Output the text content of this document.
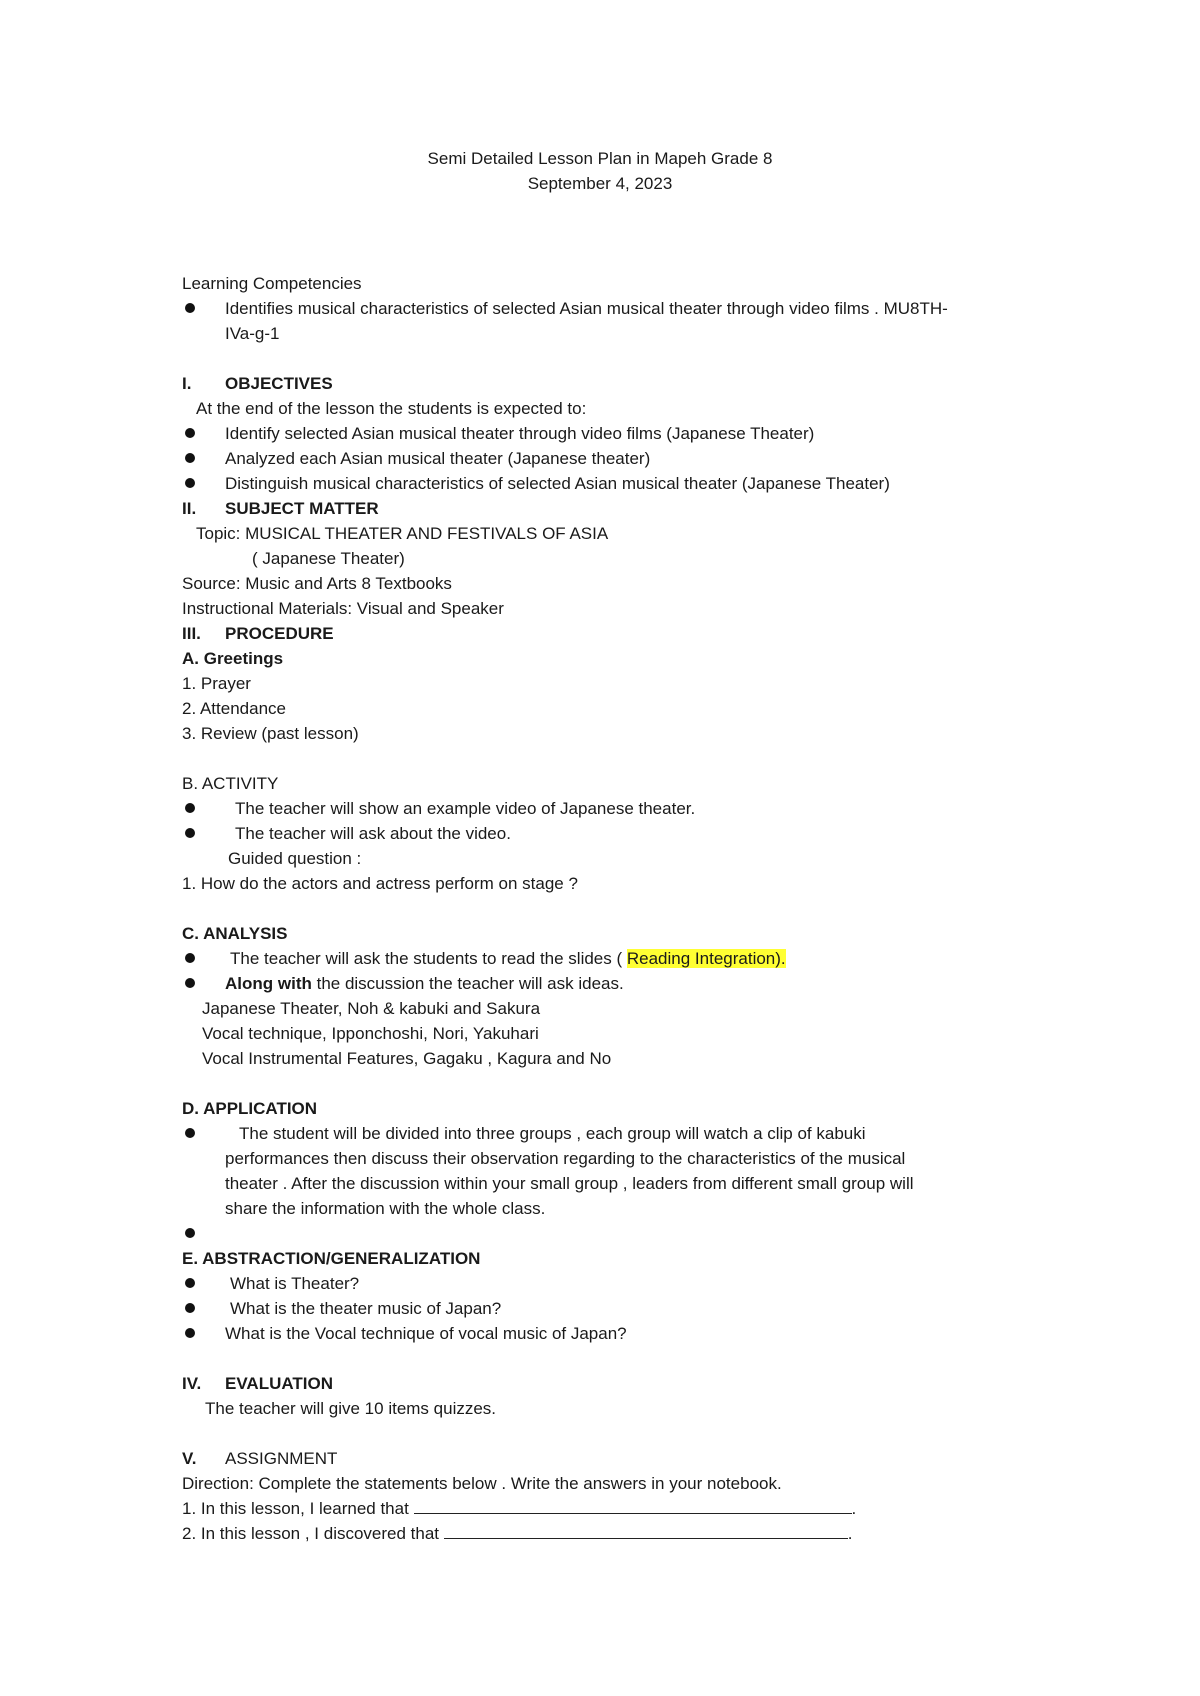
Semi Detailed Lesson Plan in Mapeh Grade 8
September 4, 2023
Learning Competencies
Identifies musical characteristics of selected Asian musical theater through video films . MU8TH-
IVa-g-1
I. OBJECTIVES
At the end of the lesson the students is expected to:
Identify selected Asian musical theater through video films (Japanese Theater)
Analyzed each Asian musical theater (Japanese theater)
Distinguish musical characteristics of selected Asian musical theater (Japanese Theater)
II. SUBJECT MATTER
Topic: MUSICAL THEATER AND FESTIVALS OF ASIA
( Japanese Theater)
Source: Music and Arts 8 Textbooks
Instructional Materials: Visual and Speaker
III. PROCEDURE
A. Greetings
1. Prayer
2. Attendance
3. Review (past lesson)
B. ACTIVITY
The teacher will show an example video of Japanese theater.
The teacher will ask about the video.
Guided question :
1. How do the actors and actress perform on stage ?
C. ANALYSIS
The teacher will ask the students to read the slides ( Reading Integration).
Along with the discussion the teacher will ask ideas.
Japanese Theater, Noh & kabuki and Sakura
Vocal technique, Ipponchoshi, Nori, Yakuhari
Vocal Instrumental Features, Gagaku , Kagura and No
D. APPLICATION
The student will be divided into three groups , each group will watch a clip of kabuki
performances then discuss their observation regarding to the characteristics of the musical
theater . After the discussion within your small group , leaders from different small group will
share the information with the whole class.
E. ABSTRACTION/GENERALIZATION
What is Theater?
What is the theater music of Japan?
What is the Vocal technique of vocal music of Japan?
IV. EVALUATION
The teacher will give 10 items quizzes.
V. ASSIGNMENT
Direction: Complete the statements below . Write the answers in your notebook.
1. In this lesson, I learned that	.
2. In this lesson , I discovered that	.
